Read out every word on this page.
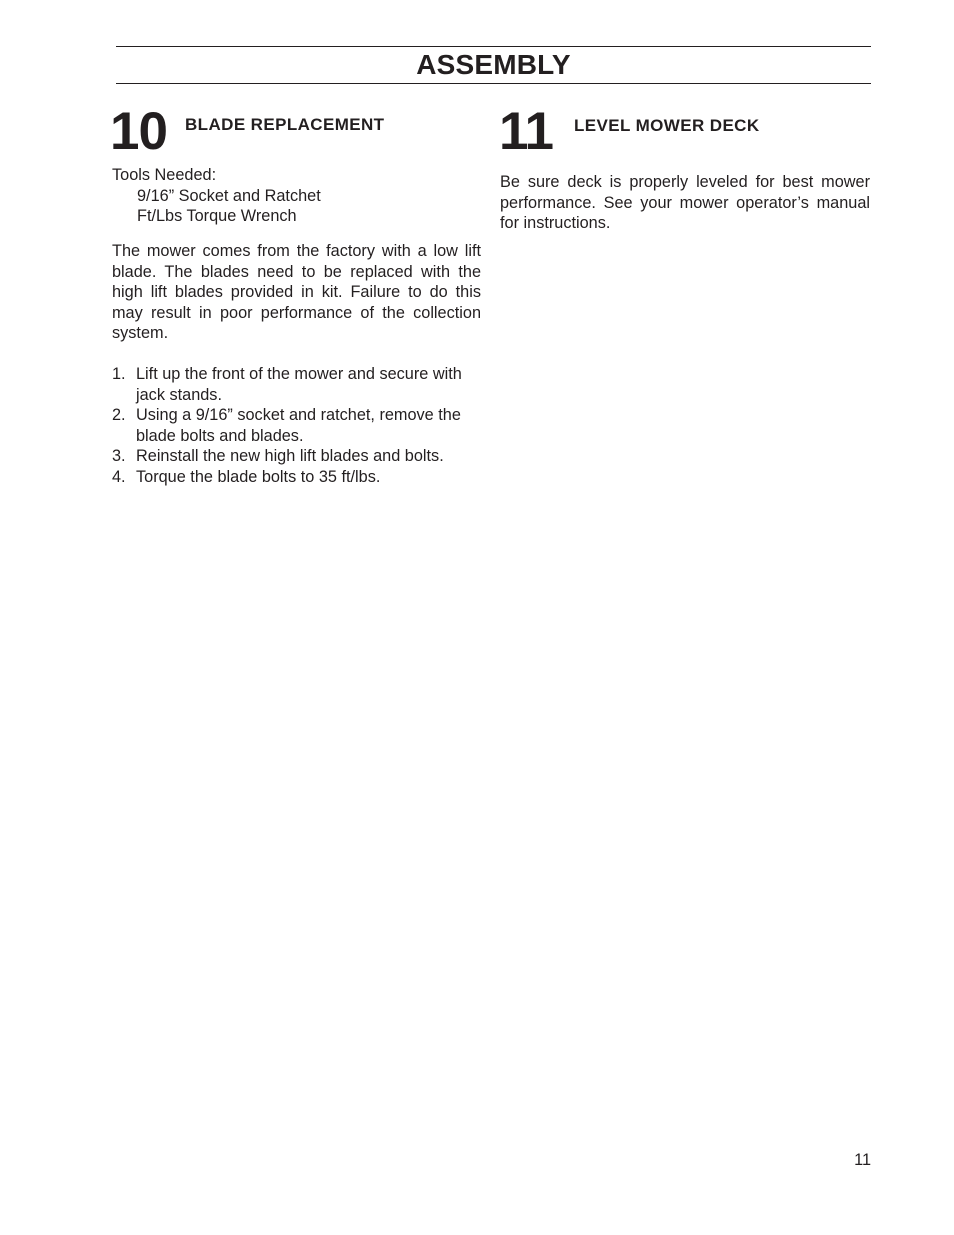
ASSEMBLY
10 BLADE REPLACEMENT
Tools Needed:
9/16” Socket and Ratchet
Ft/Lbs Torque Wrench

The mower comes from the factory with a low lift blade. The blades need to be replaced with the high lift blades provided in kit. Failure to do this may result in poor performance of the collection system.

1. Lift up the front of the mower and secure with jack stands.
2. Using a 9/16” socket and ratchet, remove the blade bolts and blades.
3. Reinstall the new high lift blades and bolts.
4. Torque the blade bolts to 35 ft/lbs.
11 LEVEL MOWER DECK

Be sure deck is properly leveled for best mower performance. See your mower operator’s manual for instructions.

11
